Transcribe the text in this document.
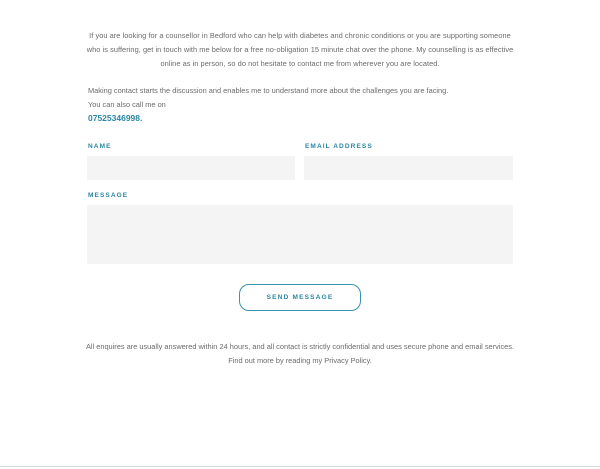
If you are looking for a counsellor in Bedford who can help with diabetes and chronic conditions or you are supporting someone who is suffering, get in touch with me below for a free no-obligation 15 minute chat over the phone. My counselling is as effective online as in person, so do not hesitate to contact me from wherever you are located.

Making contact starts the discussion and enables me to understand more about the challenges you are facing.
You can also call me on
07525346998.
NAME	EMAIL ADDRESS
MESSAGE
SEND MESSAGE

All enquires are usually answered within 24 hours, and all contact is strictly confidential and uses secure phone and email services. Find out more by reading my Privacy Policy.
